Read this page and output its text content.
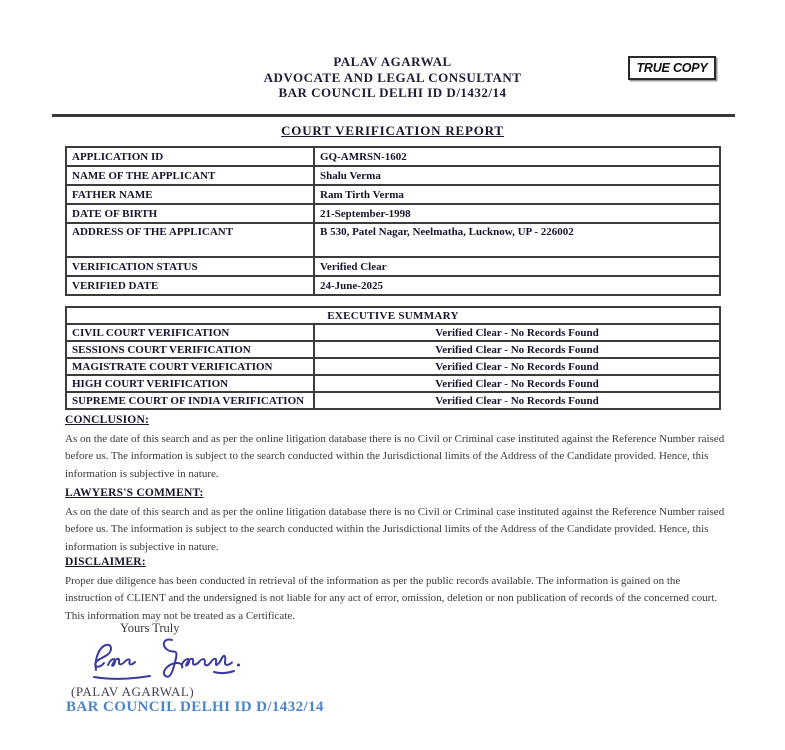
PALAV AGARWAL
ADVOCATE AND LEGAL CONSULTANT
BAR COUNCIL DELHI ID D/1432/14
TRUE COPY
COURT VERIFICATION REPORT
APPLICATION ID	GQ-AMRSN-1602
NAME OF THE APPLICANT	Shalu Verma
FATHER NAME	Ram Tirth Verma
DATE OF BIRTH	21-September-1998
ADDRESS OF THE APPLICANT	B 530, Patel Nagar, Neelmatha, Lucknow, UP - 226002
VERIFICATION STATUS	Verified Clear
VERIFIED DATE	24-June-2025
EXECUTIVE SUMMARY	
CIVIL COURT VERIFICATION	Verified Clear - No Records Found
SESSIONS COURT VERIFICATION	Verified Clear - No Records Found
MAGISTRATE COURT VERIFICATION	Verified Clear - No Records Found
HIGH COURT VERIFICATION	Verified Clear - No Records Found
SUPREME COURT OF INDIA VERIFICATION	Verified Clear - No Records Found
CONCLUSION:

As on the date of this search and as per the online litigation database there is no Civil or Criminal case instituted against the Reference Number raised before us. The information is subject to the search conducted within the Jurisdictional limits of the Address of the Candidate provided. Hence, this information is subjective in nature.

LAWYERS'S COMMENT:

As on the date of this search and as per the online litigation database there is no Civil or Criminal case instituted against the Reference Number raised before us. The information is subject to the search conducted within the Jurisdictional limits of the Address of the Candidate provided. Hence, this information is subjective in nature.

DISCLAIMER:

Proper due diligence has been conducted in retrieval of the information as per the public records available. The information is gained on the instruction of CLIENT and the undersigned is not liable for any act of error, omission, deletion or non publication of records of the concerned court. This information may not be treated as a Certificate.

Yours Truly
(PALAV AGARWAL)
BAR COUNCIL DELHI ID D/1432/14
